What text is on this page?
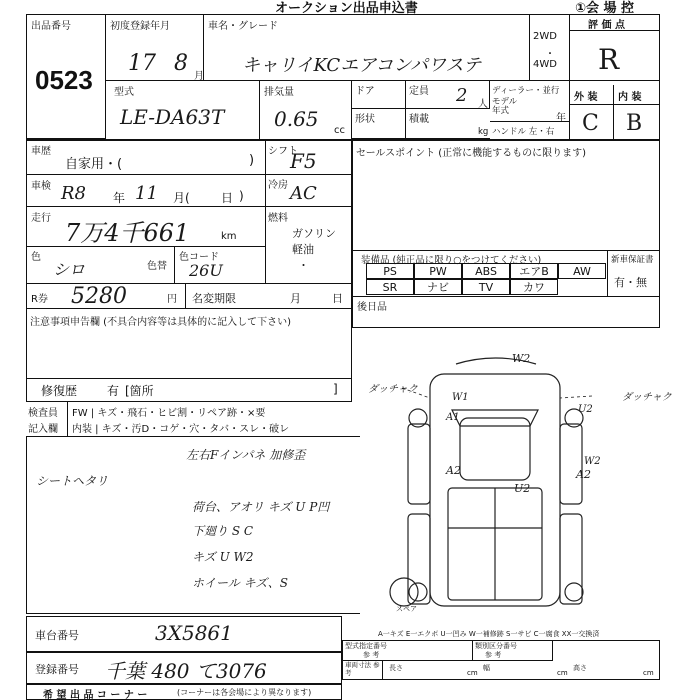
オークション出品申込書	①会 場 控
出品番号
0523
初度登録年月
17 8
月
車名・グレード
キャリイKCエアコンパワステ
2WD
・
4WD
評 価 点
R
型式
LE-DA63T
排気量
0.65 cc
ドア	定員 2 人
ディーラー・並行
モデル年式
年
形状	積載
kg ハンドル 左・右
外 装 内 装
C B
車歴
自家用・(	)
車検 R8 年 11 月(	日 )
走行
7万4千661	km
色
シロ	色替
色コード
26U
R券 5280	円 名変期限	月	日
注意事項申告欄 (不具合内容等は具体的に記入して下さい)
修復歴 有 [箇所	]
シフト
F5
冷房 AC
燃料
ガソリン
軽油
・
セールスポイント (正常に機能するものに限ります)
装備品 (純正品に限り○をつけてください)	新車保証書
有・無
PS	PW	ABS	エアB	AW
SR	ナビ	TV	カワ
後日品
検査員
記入欄
FW | キズ・飛石・ヒビ割・リペア跡・×要
内装 | キズ・汚D・コゲ・穴・タバ・スレ・破レ
シートヘタリ
左右Fインパネ 加修歪
荷台、アオリ キズ U P凹
下廻り S C
キズ U W2
ホイール キズ、S
W2
ダッチャク
ダッチャク
W1
A1
U2
W2
A2
U2
A2
スペア
A一キズ E一エクボ U一凹み W一補修跡 S一サビ C一腐食 XX一交換済
車台番号	3X5861
登録番号 千葉 480 て3076
希 望 出 品 コ ー ナ ー	(コーナーは各会場により異なります)
型式指定番号
参 考
類別区分番号
参 考
車両寸法 参 考
長さ
cm
幅
cm
高さ
cm
